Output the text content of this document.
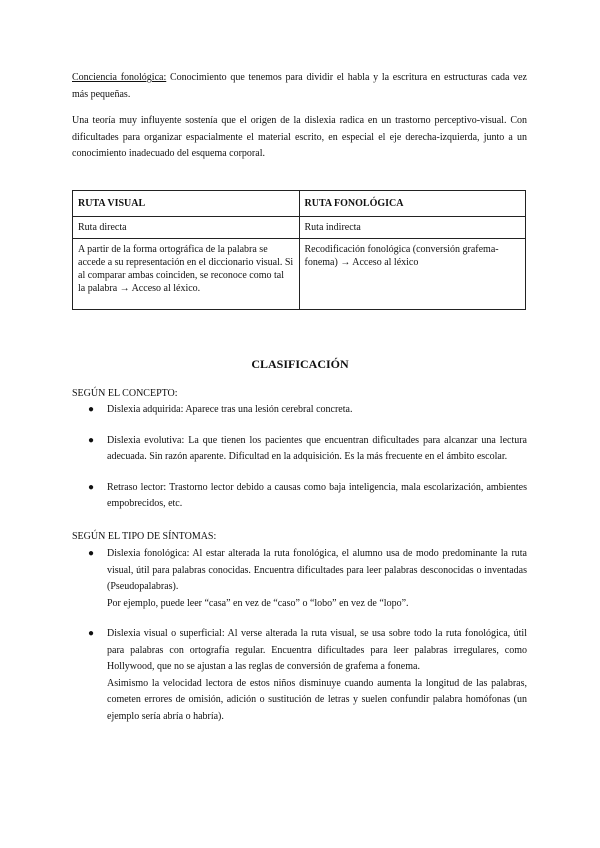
Conciencia fonológica: Conocimiento que tenemos para dividir el habla y la escritura en estructuras cada vez más pequeñas.

Una teoría muy influyente sostenía que el origen de la dislexia radica en un trastorno perceptivo-visual. Con dificultades para organizar espacialmente el material escrito, en especial el eje derecha-izquierda, junto a un conocimiento inadecuado del esquema corporal.

RUTA VISUAL	RUTA FONOLÓGICA
Ruta directa	Ruta indirecta
A partir de la forma ortográfica de la palabra se accede a su representación en el diccionario visual. Si al comparar ambas coinciden, se reconoce como tal la palabra → Acceso al léxico.	Recodificación fonológica (conversión grafema-fonema) → Acceso al léxico
CLASIFICACIÓN

SEGÚN EL CONCEPTO:

● Dislexia adquirida: Aparece tras una lesión cerebral concreta.

● Dislexia evolutiva: La que tienen los pacientes que encuentran dificultades para alcanzar una lectura adecuada. Sin razón aparente. Dificultad en la adquisición. Es la más frecuente en el ámbito escolar.

● Retraso lector: Trastorno lector debido a causas como baja inteligencia, mala escolarización, ambientes empobrecidos, etc.

SEGÚN EL TIPO DE SÍNTOMAS:

● Dislexia fonológica: Al estar alterada la ruta fonológica, el alumno usa de modo predominante la ruta visual, útil para palabras conocidas. Encuentra dificultades para leer palabras desconocidas o inventadas (Pseudopalabras).

Por ejemplo, puede leer “casa” en vez de “caso” o “lobo” en vez de “lopo”.

● Dislexia visual o superficial: Al verse alterada la ruta visual, se usa sobre todo la ruta fonológica, útil para palabras con ortografía regular. Encuentra dificultades para leer palabras irregulares, como Hollywood, que no se ajustan a las reglas de conversión de grafema a fonema.

Asimismo la velocidad lectora de estos niños disminuye cuando aumenta la longitud de las palabras, cometen errores de omisión, adición o sustitución de letras y suelen confundir palabra homófonas (un ejemplo sería abría o habría).
